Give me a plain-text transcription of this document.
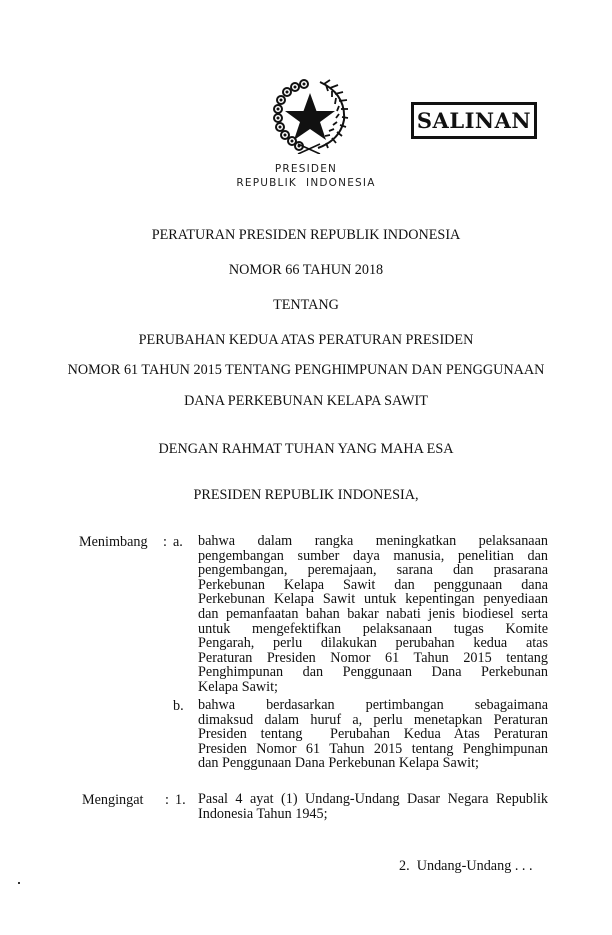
SALINAN
PRESIDEN
REPUBLIK  INDONESIA
PERATURAN PRESIDEN REPUBLIK INDONESIA
NOMOR 66 TAHUN 2018
TENTANG
PERUBAHAN KEDUA ATAS PERATURAN PRESIDEN
NOMOR 61 TAHUN 2015 TENTANG PENGHIMPUNAN DAN PENGGUNAAN
DANA PERKEBUNAN KELAPA SAWIT
DENGAN RAHMAT TUHAN YANG MAHA ESA
PRESIDEN REPUBLIK INDONESIA,
Menimbang : a. bahwa dalam rangka meningkatkan pelaksanaan
pengembangan sumber daya manusia, penelitian dan
pengembangan, peremajaan, sarana dan prasarana
Perkebunan Kelapa Sawit dan penggunaan dana
Perkebunan Kelapa Sawit untuk kepentingan penyediaan
dan pemanfaatan bahan bakar nabati jenis biodiesel serta
untuk mengefektifkan pelaksanaan tugas Komite
Pengarah, perlu dilakukan perubahan kedua atas
Peraturan Presiden Nomor 61 Tahun 2015 tentang
Penghimpunan dan Penggunaan Dana Perkebunan
Kelapa Sawit;
b. bahwa berdasarkan pertimbangan sebagaimana
dimaksud dalam huruf a, perlu menetapkan Peraturan
Presiden tentang  Perubahan Kedua Atas Peraturan
Presiden Nomor 61 Tahun 2015 tentang Penghimpunan
dan Penggunaan Dana Perkebunan Kelapa Sawit;
Mengingat : 1. Pasal 4 ayat (1) Undang-Undang Dasar Negara Republik
Indonesia Tahun 1945;
2.  Undang-Undang . . .
